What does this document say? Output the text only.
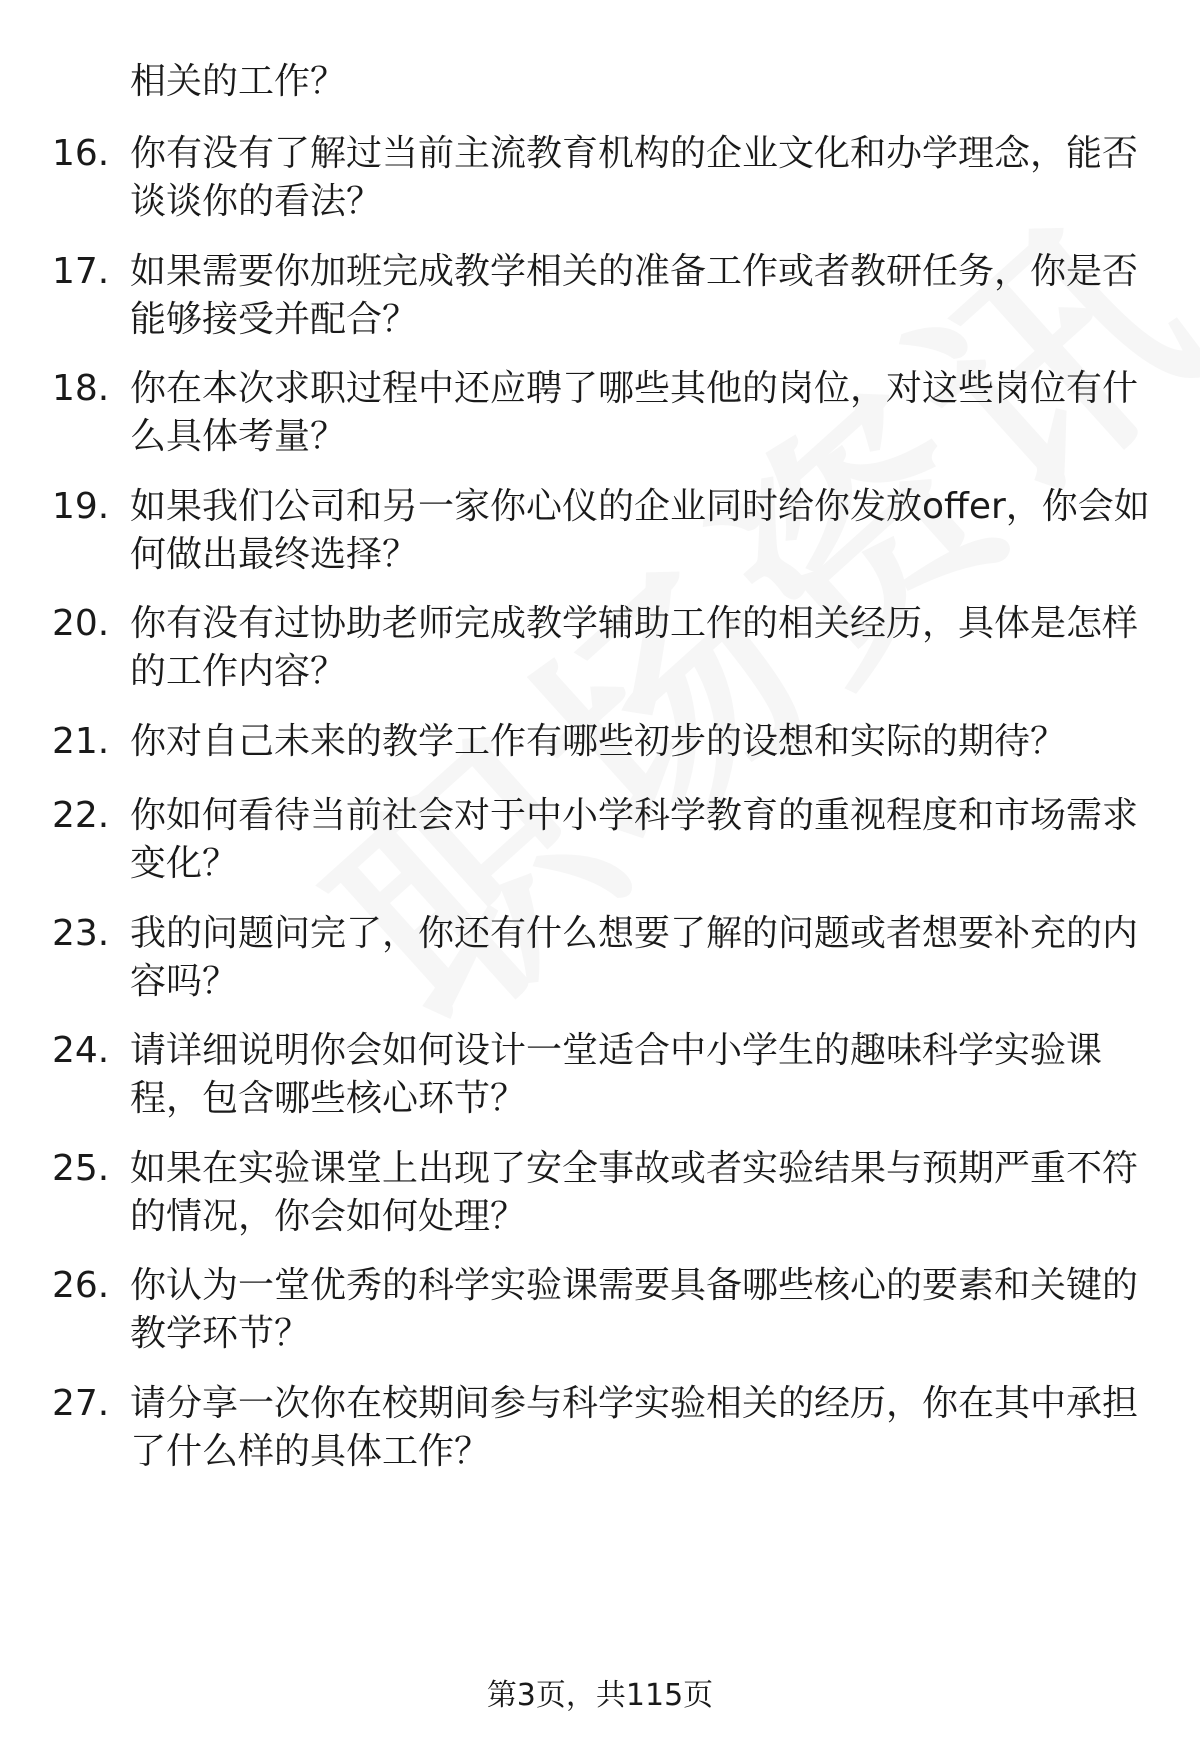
相关的工作？
16. 你有没有了解过当前主流教育机构的企业文化和办学理念，能否
谈谈你的看法？
17. 如果需要你加班完成教学相关的准备工作或者教研任务，你是否
能够接受并配合？
18. 你在本次求职过程中还应聘了哪些其他的岗位，对这些岗位有什
么具体考量？
19. 如果我们公司和另一家你心仪的企业同时给你发放offer，你会如
何做出最终选择？
20. 你有没有过协助老师完成教学辅助工作的相关经历，具体是怎样
的工作内容？
21. 你对自己未来的教学工作有哪些初步的设想和实际的期待？
22. 你如何看待当前社会对于中小学科学教育的重视程度和市场需求
变化？
23. 我的问题问完了，你还有什么想要了解的问题或者想要补充的内
容吗？
24. 请详细说明你会如何设计一堂适合中小学生的趣味科学实验课
程，包含哪些核心环节？
25. 如果在实验课堂上出现了安全事故或者实验结果与预期严重不符
的情况，你会如何处理？
26. 你认为一堂优秀的科学实验课需要具备哪些核心的要素和关键的
教学环节？
27. 请分享一次你在校期间参与科学实验相关的经历，你在其中承担
了什么样的具体工作？
第3页，共115页
